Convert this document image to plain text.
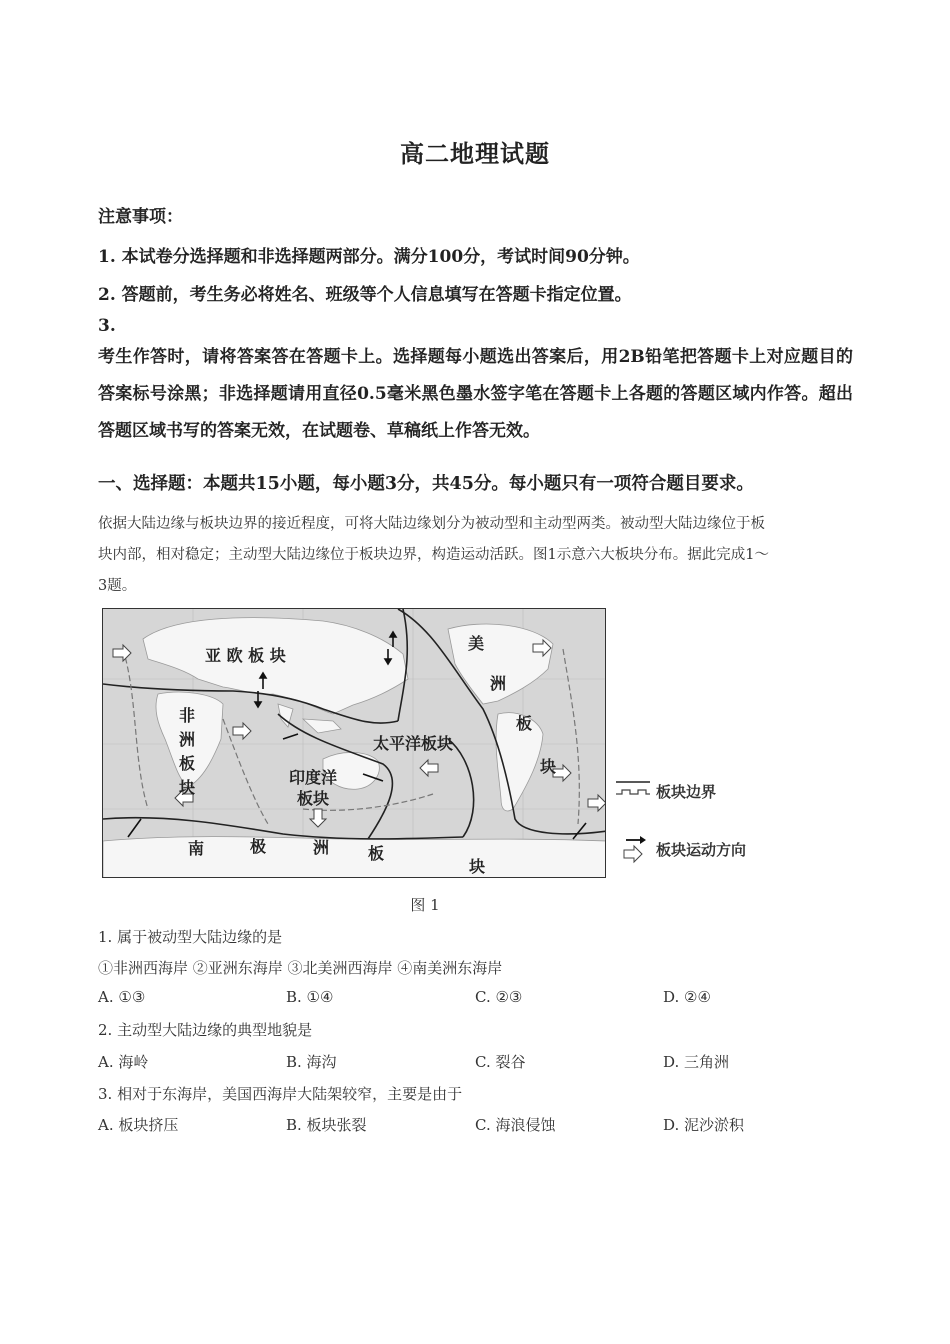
高二地理试题
注意事项：
1. 本试卷分选择题和非选择题两部分。满分100分，考试时间90分钟。
2. 答题前，考生务必将姓名、班级等个人信息填写在答题卡指定位置。
3.
考生作答时，请将答案答在答题卡上。选择题每小题选出答案后，用2B铅笔把答题卡上对应题目的答案标号涂黑；非选择题请用直径0.5毫米黑色墨水签字笔在答题卡上各题的答题区域内作答。超出答题区域书写的答案无效，在试题卷、草稿纸上作答无效。
一、选择题：本题共15小题，每小题3分，共45分。每小题只有一项符合题目要求。
依据大陆边缘与板块边界的接近程度，可将大陆边缘划分为被动型和主动型两类。被动型大陆边缘位于板
块内部，相对稳定；主动型大陆边缘位于板块边界，构造运动活跃。图1示意六大板块分布。据此完成1～
3题。
亚 欧 板 块
美
洲
板
块
非
洲
板
块
太平洋板块
印度洋
板块
南	极	洲 板
块
板块边界
板块运动方向
图 1
1. 属于被动型大陆边缘的是
①非洲西海岸 ②亚洲东海岸 ③北美洲西海岸 ④南美洲东海岸
A. ①③	B. ①④	C. ②③	D. ②④
2. 主动型大陆边缘的典型地貌是
A. 海岭	B. 海沟	C. 裂谷	D. 三角洲
3. 相对于东海岸，美国西海岸大陆架较窄，主要是由于
A. 板块挤压	B. 板块张裂	C. 海浪侵蚀	D. 泥沙淤积
